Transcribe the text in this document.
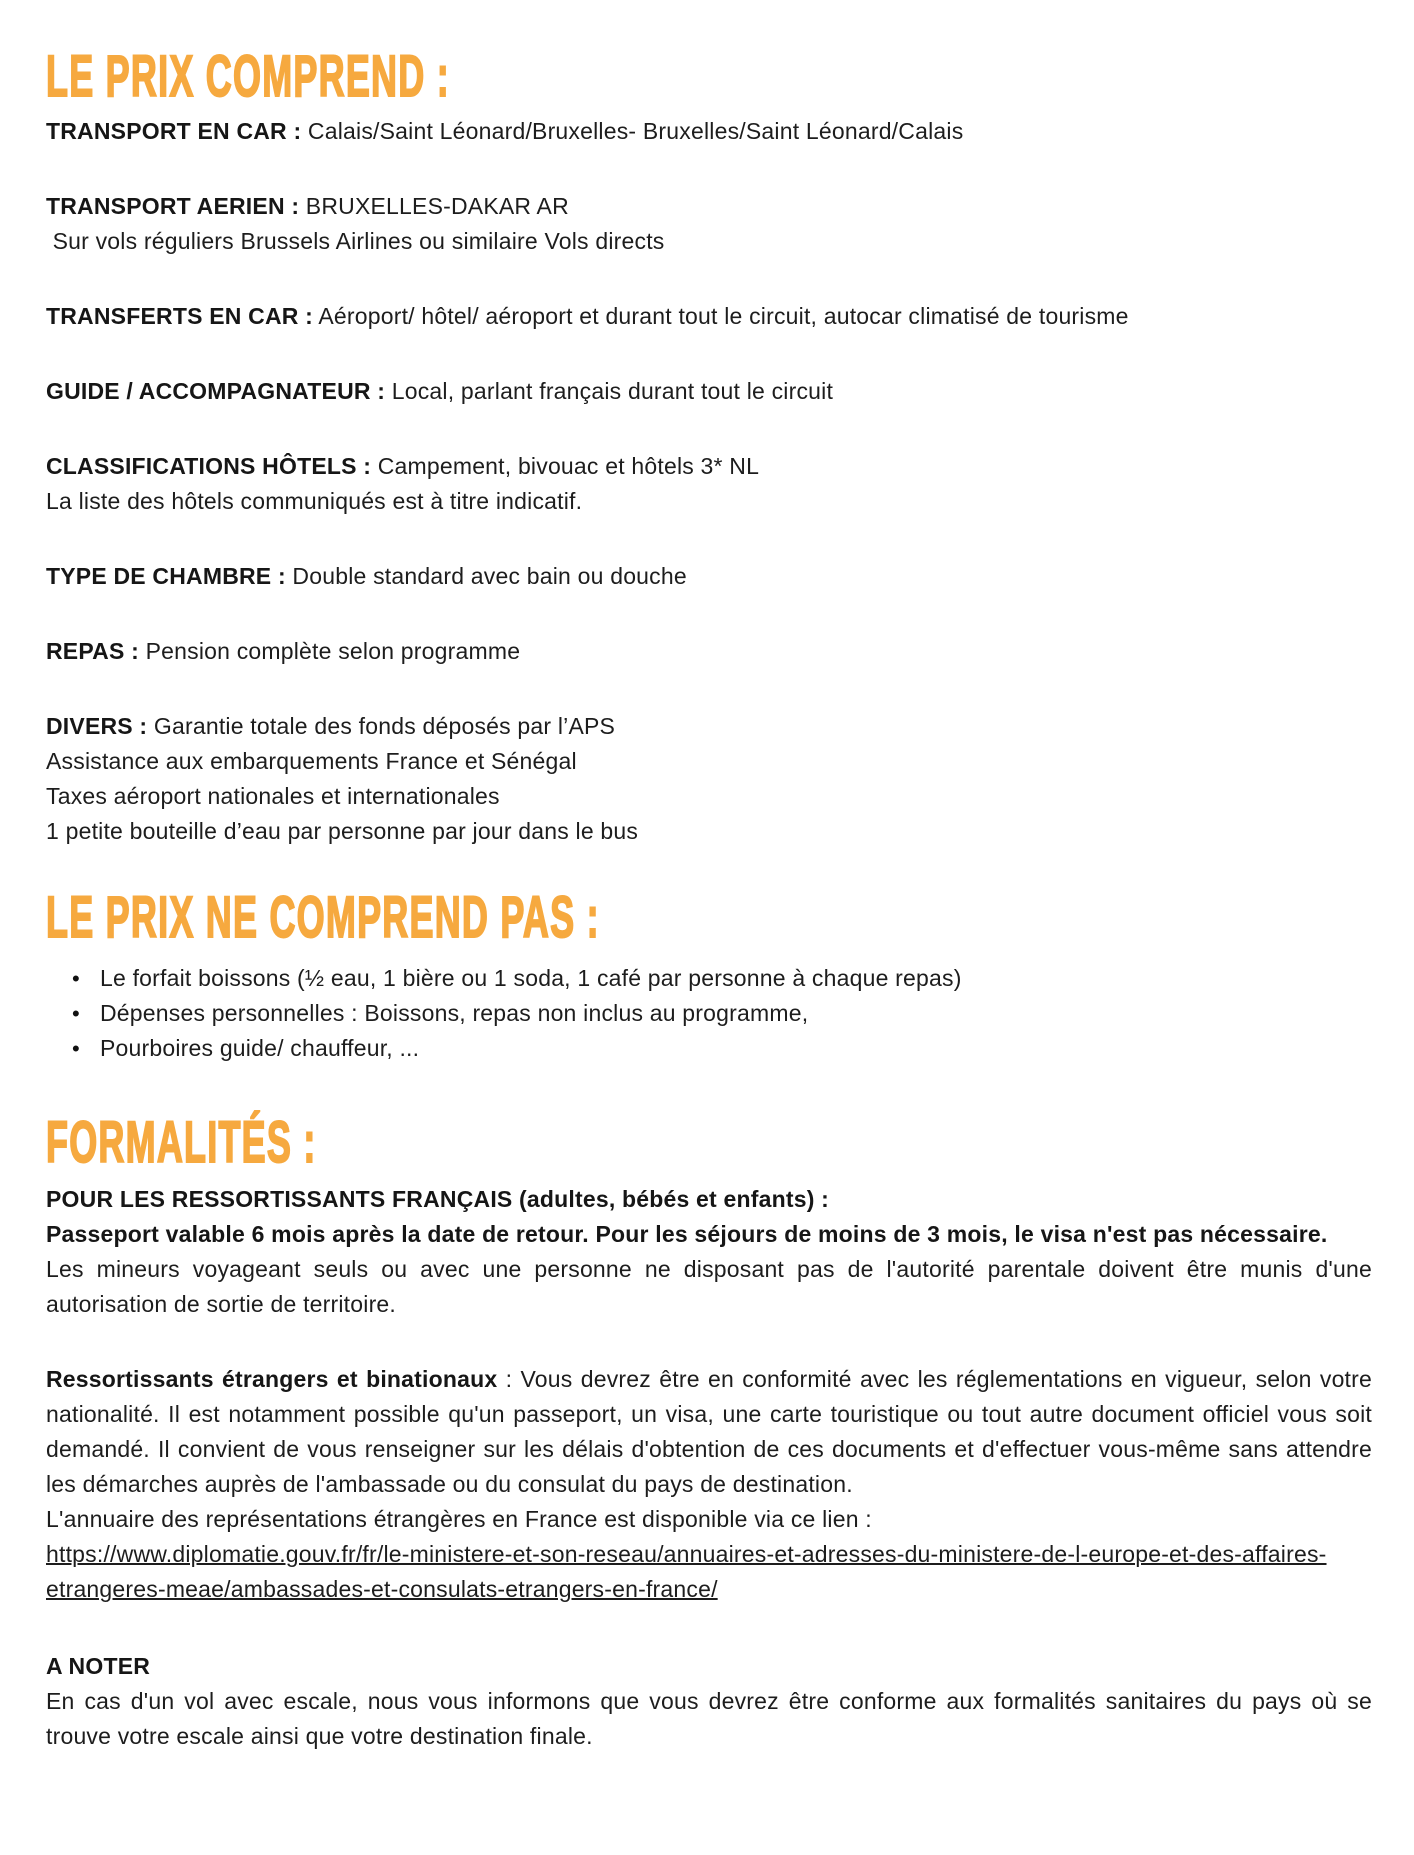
LE PRIX COMPREND :

TRANSPORT EN CAR : Calais/Saint Léonard/Bruxelles- Bruxelles/Saint Léonard/Calais

TRANSPORT AERIEN : BRUXELLES-DAKAR AR
Sur vols réguliers Brussels Airlines ou similaire Vols directs

TRANSFERTS EN CAR : Aéroport/ hôtel/ aéroport et durant tout le circuit, autocar climatisé de tourisme

GUIDE / ACCOMPAGNATEUR : Local, parlant français durant tout le circuit

CLASSIFICATIONS HÔTELS : Campement, bivouac et hôtels 3* NL
La liste des hôtels communiqués est à titre indicatif.

TYPE DE CHAMBRE : Double standard avec bain ou douche

REPAS : Pension complète selon programme

DIVERS : Garantie totale des fonds déposés par l’APS
Assistance aux embarquements France et Sénégal
Taxes aéroport nationales et internationales
1 petite bouteille d’eau par personne par jour dans le bus

LE PRIX NE COMPREND PAS :
• Le forfait boissons (½ eau, 1 bière ou 1 soda, 1 café par personne à chaque repas)
• Dépenses personnelles : Boissons, repas non inclus au programme,
• Pourboires guide/ chauffeur, ...
FORMALITÉS :

POUR LES RESSORTISSANTS FRANÇAIS (adultes, bébés et enfants) :

Passeport valable 6 mois après la date de retour. Pour les séjours de moins de 3 mois, le visa n'est pas nécessaire.

Les mineurs voyageant seuls ou avec une personne ne disposant pas de l'autorité parentale doivent être munis d'une autorisation de sortie de territoire.

Ressortissants étrangers et binationaux : Vous devrez être en conformité avec les réglementations en vigueur, selon votre nationalité. Il est notamment possible qu'un passeport, un visa, une carte touristique ou tout autre document officiel vous soit demandé. Il convient de vous renseigner sur les délais d'obtention de ces documents et d'effectuer vous-même sans attendre les démarches auprès de l'ambassade ou du consulat du pays de destination.
L'annuaire des représentations étrangères en France est disponible via ce lien :
https://www.diplomatie.gouv.fr/fr/le-ministere-et-son-reseau/annuaires-et-adresses-du-ministere-de-l-europe-et-des-affaires-etrangeres-meae/ambassades-et-consulats-etrangers-en-france/

A NOTER

En cas d'un vol avec escale, nous vous informons que vous devrez être conforme aux formalités sanitaires du pays où se trouve votre escale ainsi que votre destination finale.
